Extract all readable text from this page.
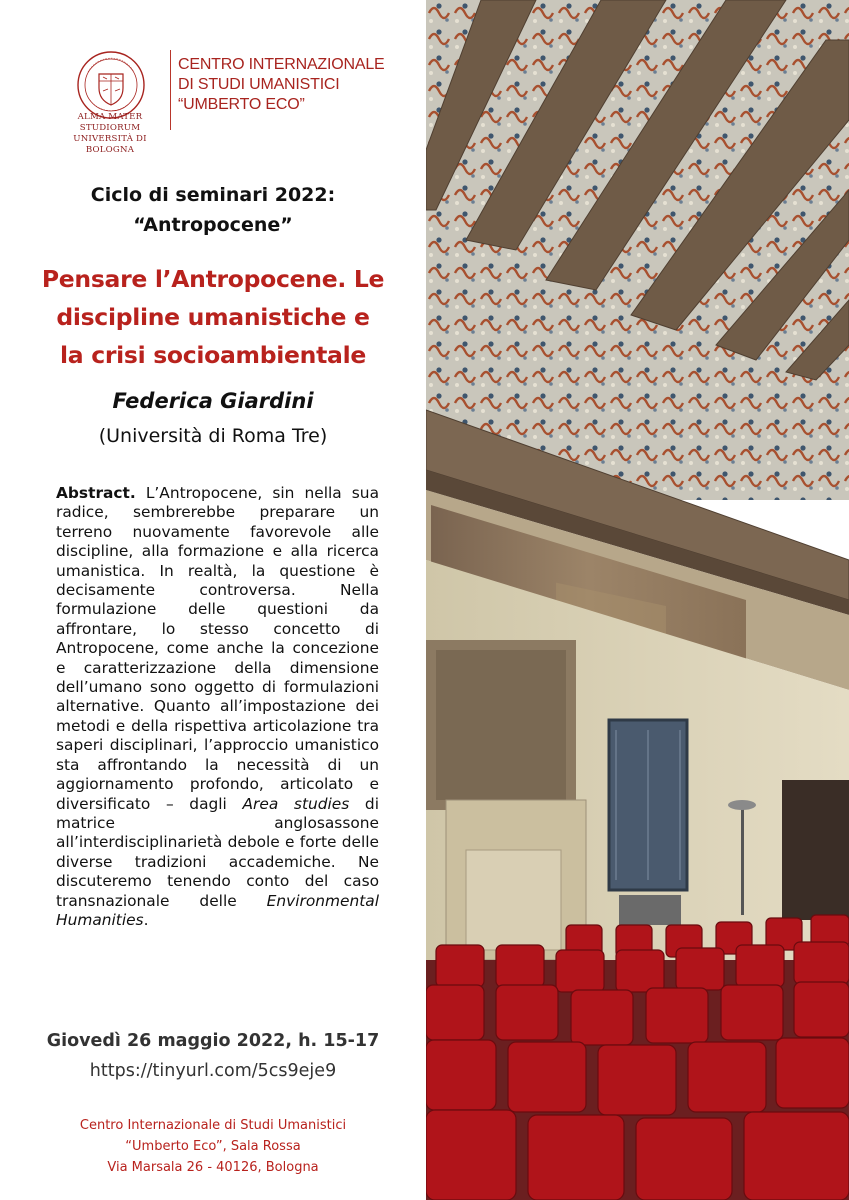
ALMA MATER STUDIORUM
UNIVERSITÀ DI BOLOGNA
CENTRO INTERNAZIONALE
DI STUDI UMANISTICI
“UMBERTO ECO”
Ciclo di seminari 2022:
“Antropocene”
Pensare l’Antropocene. Le
discipline umanistiche e
la crisi socioambientale
Federica Giardini
(Università di Roma Tre)
Abstract. L’Antropocene, sin nella sua radice, sembrerebbe preparare un terreno nuovamente favorevole alle discipline, alla formazione e alla ricerca umanistica. In realtà, la questione è decisamente controversa. Nella formulazione delle questioni da affrontare, lo stesso concetto di Antropocene, come anche la concezione e caratterizzazione della dimensione dell’umano sono oggetto di formulazioni alternative. Quanto all’impostazione dei metodi e della rispettiva articolazione tra saperi disciplinari, l’approccio umanistico sta affrontando la necessità di un aggiornamento profondo, articolato e diversificato – dagli Area studies di matrice anglosassone all’interdisciplinarietà debole e forte delle diverse tradizioni accademiche. Ne discuteremo tenendo conto del caso transnazionale delle Environmental Humanities.
Giovedì 26 maggio 2022, h. 15-17
https://tinyurl.com/5cs9eje9
Centro Internazionale di Studi Umanistici
“Umberto Eco”, Sala Rossa
Via Marsala 26 - 40126, Bologna
